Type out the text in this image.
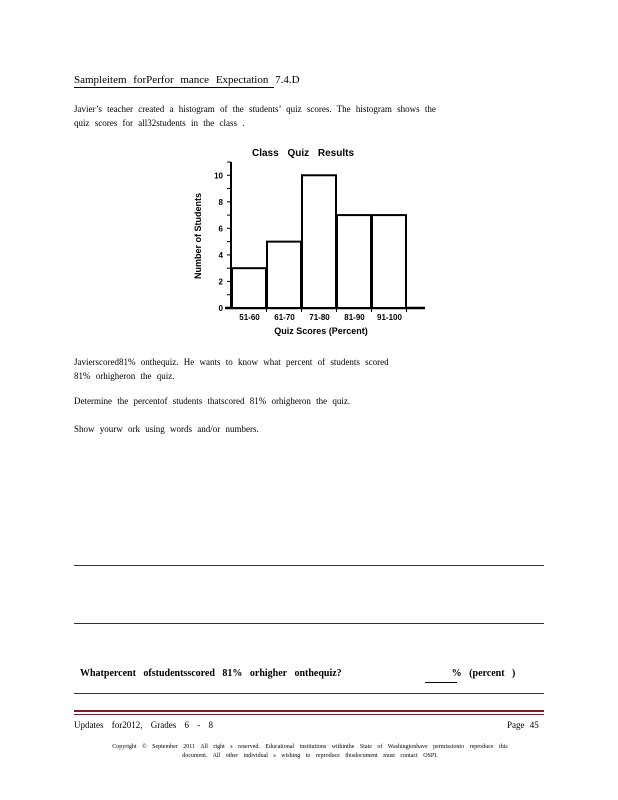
Sampleitem forPerfor mance Expectation 7.4.D
Javier’s teacher created a histogram of the students’ quiz scores. The histogram shows the
quiz scores for all32students in the class .
Class Quiz Results
Number of Students
Quiz Scores (Percent)
0
2
4
6
8
10
51-60 61-70 71-80 81-90 91-100
Javierscored81% onthequiz. He wants to know what percent of students scored
81% orhigheron the quiz.
Determine the percentof students thatscored 81% orhigheron the quiz.
Show yourw ork using words and/or numbers.
Whatpercent ofstudentsscored 81% orhigher onthequiz?	% (percent )
Updates for2012, Grades 6 - 8	Page 45
Copyright © September 2011 All right s reserved. Educational institutions withinthe State of Washingtonhave permissionto reproduce this
document. All other individual s wishing to reproduce thisdocument must contact OSPI.
